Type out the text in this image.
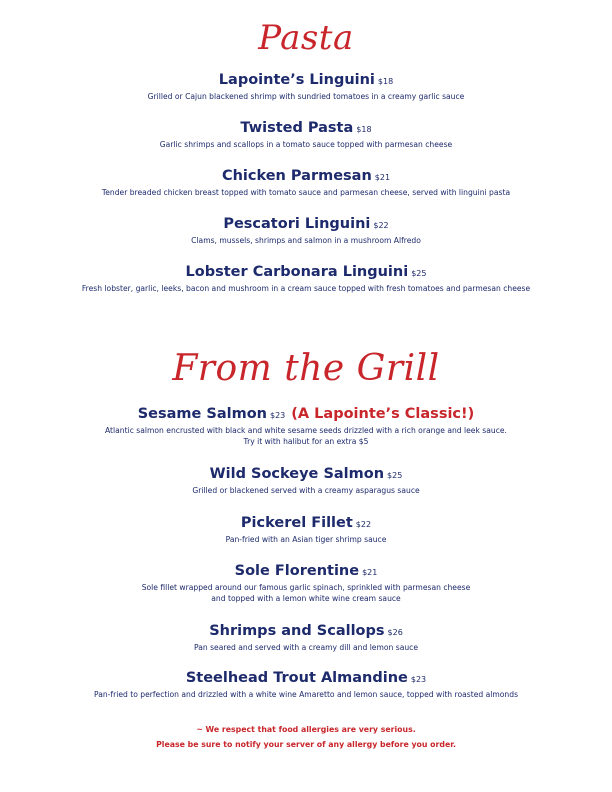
Pasta

Lapointe’s Linguini $18

Grilled or Cajun blackened shrimp with sundried tomatoes in a creamy garlic sauce

Twisted Pasta $18

Garlic shrimps and scallops in a tomato sauce topped with parmesan cheese

Chicken Parmesan $21

Tender breaded chicken breast topped with tomato sauce and parmesan cheese, served with linguini pasta

Pescatori Linguini $22

Clams, mussels, shrimps and salmon in a mushroom Alfredo

Lobster Carbonara Linguini $25

Fresh lobster, garlic, leeks, bacon and mushroom in a cream sauce topped with fresh tomatoes and parmesan cheese

From the Grill

Sesame Salmon $23 (A Lapointe’s Classic!)

Atlantic salmon encrusted with black and white sesame seeds drizzled with a rich orange and leek sauce.
Try it with halibut for an extra $5

Wild Sockeye Salmon $25

Grilled or blackened served with a creamy asparagus sauce

Pickerel Fillet $22

Pan-fried with an Asian tiger shrimp sauce

Sole Florentine $21

Sole fillet wrapped around our famous garlic spinach, sprinkled with parmesan cheese
and topped with a lemon white wine cream sauce

Shrimps and Scallops $26

Pan seared and served with a creamy dill and lemon sauce

Steelhead Trout Almandine $23

Pan-fried to perfection and drizzled with a white wine Amaretto and lemon sauce, topped with roasted almonds

~ We respect that food allergies are very serious.

Please be sure to notify your server of any allergy before you order.
